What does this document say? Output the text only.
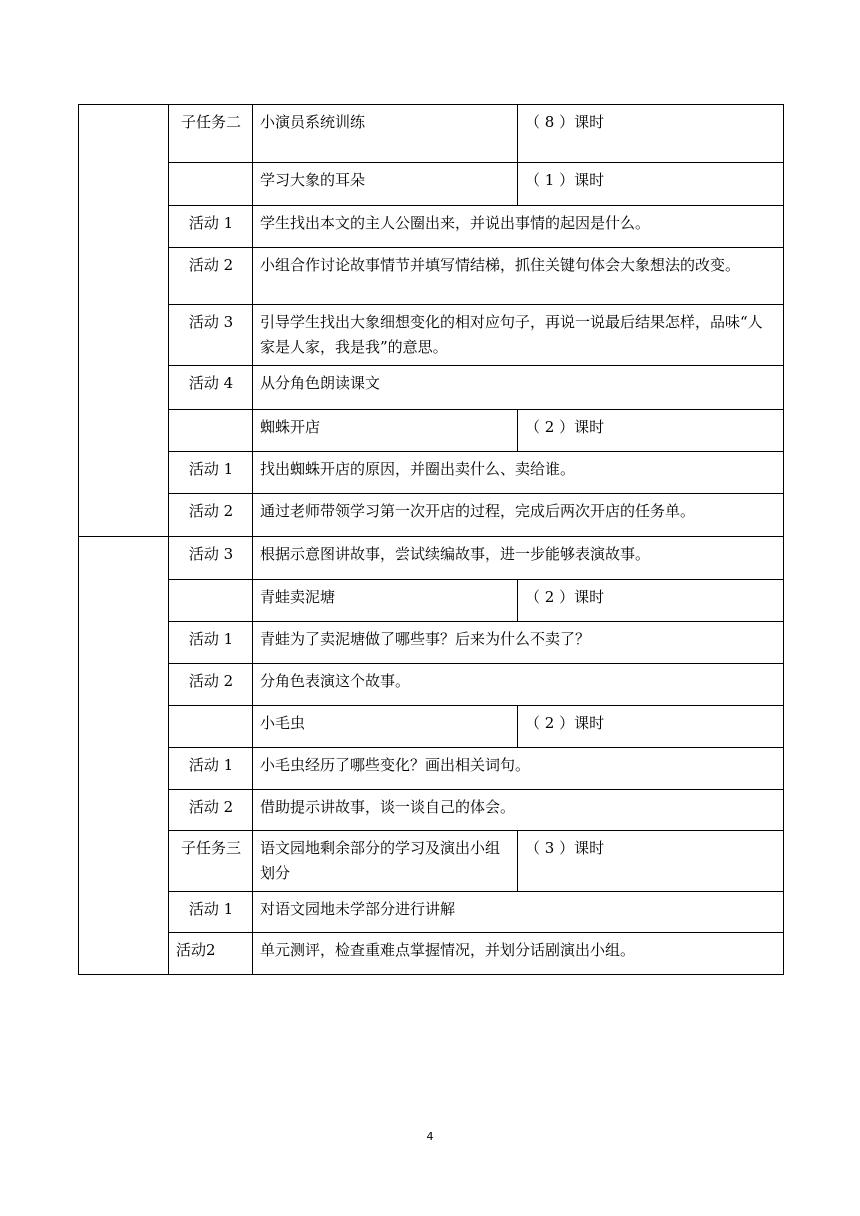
	子任务二	小演员系统训练	（ 8 ）课时
		学习大象的耳朵	（ 1 ）课时
	活动 1	学生找出本文的主人公圈出来，并说出事情的起因是什么。	
	活动 2	小组合作讨论故事情节并填写情结梯，抓住关键句体会大象想法的改变。	
	活动 3	引导学生找出大象细想变化的相对应句子，再说一说最后结果怎样，品味“人家是人家，我是我”的意思。	
	活动 4	从分角色朗读课文	
		蜘蛛开店	（ 2 ）课时
	活动 1	找出蜘蛛开店的原因，并圈出卖什么、卖给谁。	
	活动 2	通过老师带领学习第一次开店的过程，完成后两次开店的任务单。	
	活动 3	根据示意图讲故事，尝试续编故事，进一步能够表演故事。	
		青蛙卖泥塘	（ 2 ）课时
	活动 1	青蛙为了卖泥塘做了哪些事？后来为什么不卖了？	
	活动 2	分角色表演这个故事。	
		小毛虫	（ 2 ）课时
	活动 1	小毛虫经历了哪些变化？画出相关词句。	
	活动 2	借助提示讲故事，谈一谈自己的体会。	
	子任务三	语文园地剩余部分的学习及演出小组划分	（ 3 ）课时
	活动 1	对语文园地未学部分进行讲解	
	活动2	单元测评，检查重难点掌握情况，并划分话剧演出小组。	
4
